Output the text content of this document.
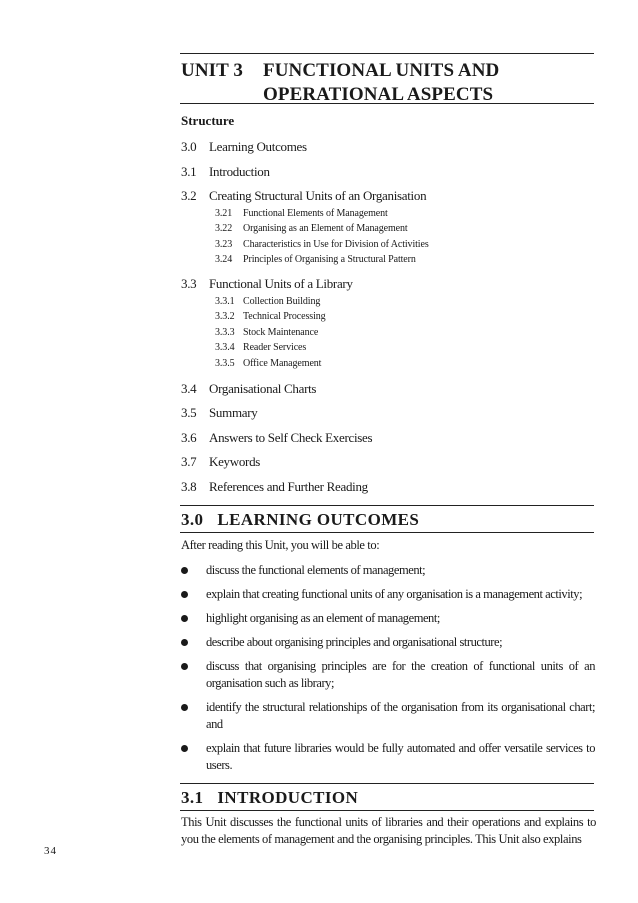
UNIT 3 FUNCTIONAL UNITS AND
OPERATIONAL ASPECTS
Structure
3.0 Learning Outcomes
3.1 Introduction
3.2 Creating Structural Units of an Organisation
3.21 Functional Elements of Management
3.22 Organising as an Element of Management
3.23 Characteristics in Use for Division of Activities
3.24 Principles of Organising a Structural Pattern
3.3 Functional Units of a Library
3.3.1 Collection Building
3.3.2 Technical Processing
3.3.3 Stock Maintenance
3.3.4 Reader Services
3.3.5 Office Management
3.4 Organisational Charts
3.5 Summary
3.6 Answers to Self Check Exercises
3.7 Keywords
3.8 References and Further Reading
3.0   LEARNING OUTCOMES
After reading this Unit, you will be able to:
discuss the functional elements of management;
explain that creating functional units of any organisation is a management activity;
highlight organising as an element of management;
describe about organising principles and organisational structure;
discuss that organising principles are for the creation of functional units of an organisation such as library;
identify the structural relationships of the organisation from its organisational chart; and
explain that future libraries would be fully automated and offer versatile services to users.
3.1   INTRODUCTION
This Unit discusses the functional units of libraries and their operations and explains to you the elements of management and the organising principles. This Unit also explains
34
